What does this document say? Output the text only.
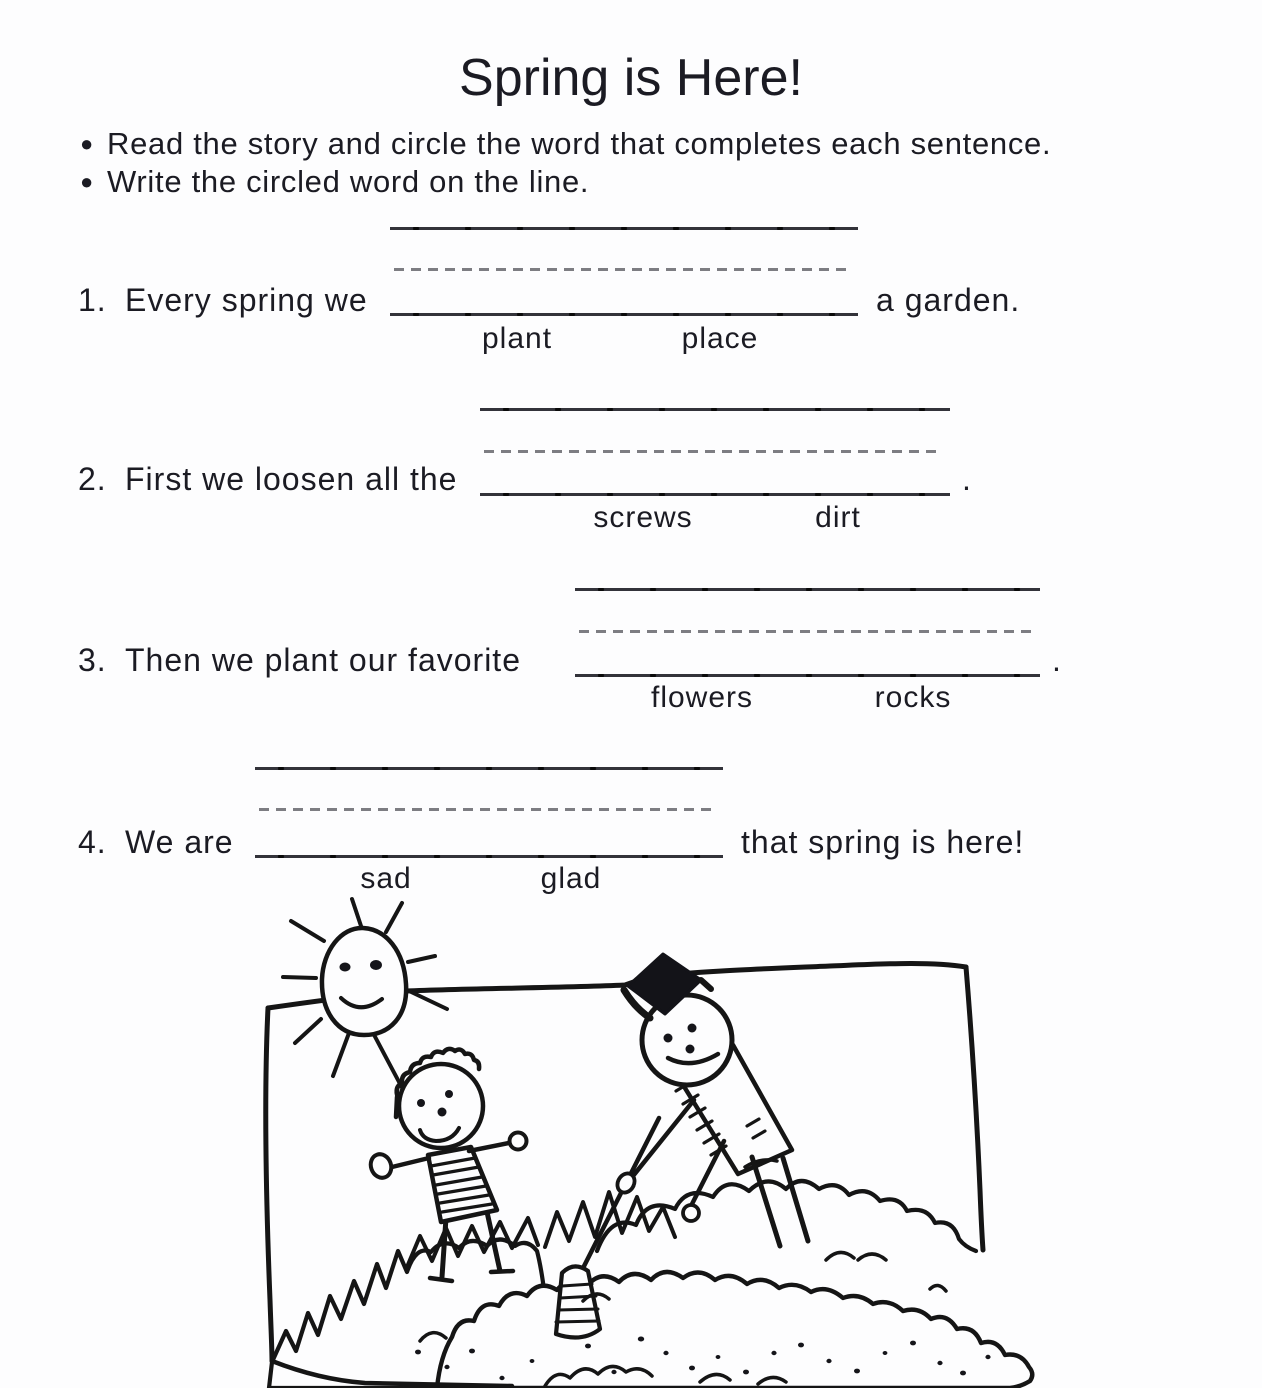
Spring is Here!
● Read the story and circle the word that completes each sentence.
● Write the circled word on the line.
1. Every spring we	a garden.
plant	place
2. First we loosen all the	.
screws	dirt
3. Then we plant our favorite	.
flowers	rocks
4. We are	that spring is here!
sad	glad
